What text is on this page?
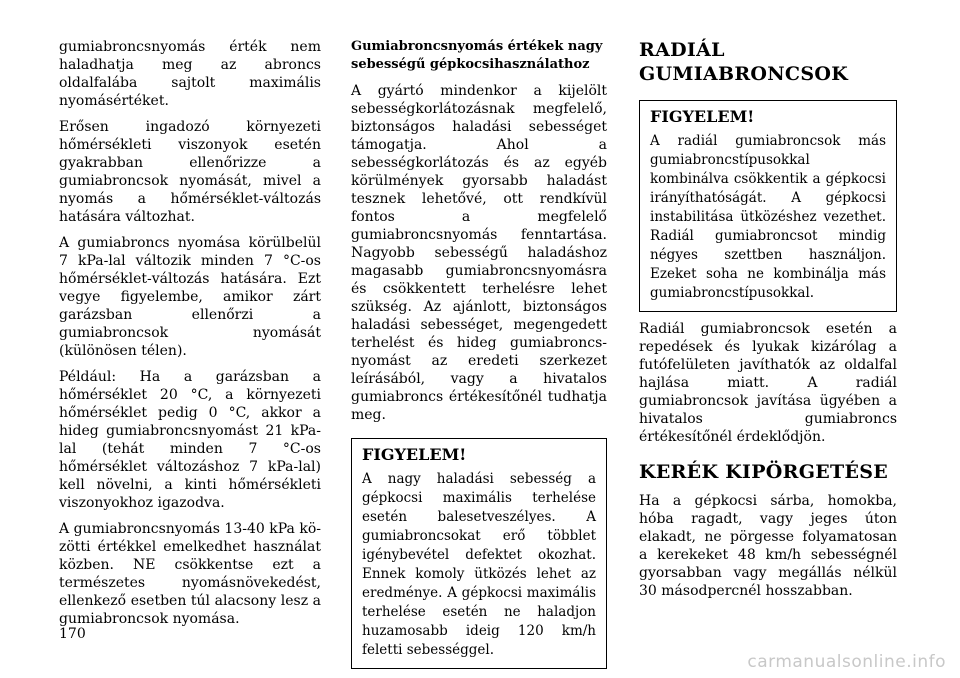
gumiabroncsnyomás érték nem haladhatja meg az abroncs oldalfalába sajtolt maximális nyomásértéket.

Erősen ingadozó környezeti hőmérsékleti viszonyok esetén gyakrabban ellenőrizze a gumiabroncsok nyomását, mivel a nyomás a hőmérséklet-változás hatására változhat.

A gumiabroncs nyomása körülbelül 7 kPa-lal változik minden 7 °C-os hőmérséklet-változás hatására. Ezt vegye figyelembe, amikor zárt garázsban ellenőrzi a gumiabroncsok nyomását (különösen télen).

Például: Ha a garázsban a hőmérséklet 20 °C, a környezeti hőmérséklet pedig 0 °C, akkor a hideg gumiabroncsnyomást 21 kPa-lal (tehát minden 7 °C-os hőmérséklet változáshoz 7 kPa-lal) kell növelni, a kinti hőmérsékleti viszonyokhoz igazodva.

A gumiabroncsnyomás 13-40 kPa közötti értékkel emelkedhet használat közben. NE csökkentse ezt a természetes nyomásnövekedést, ellenkező esetben túl alacsony lesz a gumiabroncsok nyomása.

Gumiabroncsnyomás értékek nagy sebességű gépkocsihasználathoz

A gyártó mindenkor a kijelölt sebességkorlátozásnak megfelelő, biztonságos haladási sebességet támogatja. Ahol a sebességkorlátozás és az egyéb körülmények gyorsabb haladást tesznek lehetővé, ott rendkívül fontos a megfelelő gumiabroncsnyomás fenntartása. Nagyobb sebességű haladáshoz magasabb gumiabroncsnyomásra és csökkentett terhelésre lehet szükség. Az ajánlott, biztonságos haladási sebességet, megengedett terhelést és hideg gumiabroncsnyomást az eredeti szerkezet leírásából, vagy a hivatalos gumiabroncs értékesítőnél tudhatja meg.

FIGYELEM!

A nagy haladási sebesség a gépkocsi maximális terhelése esetén balesetveszélyes. A gumiabroncsokat erő többlet igénybevétel defektet okozhat. Ennek komoly ütközés lehet az eredménye. A gépkocsi maximális terhelése esetén ne haladjon huzamosabb ideig 120 km/h feletti sebességgel.

RADIÁL
GUMIABRONCSOK
FIGYELEM!

A radiál gumiabroncsok más gumiabroncstípusokkal kombinálva csökkentik a gépkocsi irányíthatóságát. A gépkocsi instabilitása ütközéshez vezethet. Radiál gumiabroncsot mindig négyes szettben használjon. Ezeket soha ne kombinálja más gumiabroncstípusokkal.

Radiál gumiabroncsok esetén a repedések és lyukak kizárólag a futófelületen javíthatók az oldalfal hajlása miatt. A radiál gumiabroncsok javítása ügyében a hivatalos gumiabroncs értékesítőnél érdeklődjön.

KERÉK KIPÖRGETÉSE

Ha a gépkocsi sárba, homokba, hóba ragadt, vagy jeges úton elakadt, ne pörgesse folyamatosan a kerekeket 48 km/h sebességnél gyorsabban vagy megállás nélkül 30 másodpercnél hosszabban.

170
carmanualsonline.info
